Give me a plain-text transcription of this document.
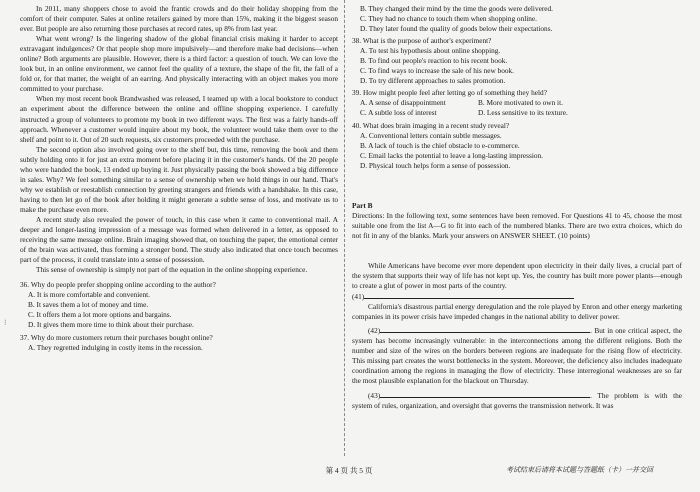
In 2011, many shoppers chose to avoid the frantic crowds and do their holiday shopping from the comfort of their computer. Sales at online retailers gained by more than 15%, making it the biggest season ever. But people are also returning those purchases at record rates, up 8% from last year.

What went wrong? Is the lingering shadow of the global financial crisis making it harder to accept extravagant indulgences? Or that people shop more impulsively—and therefore make bad decisions—when online? Both arguments are plausible. However, there is a third factor: a question of touch. We can love the look but, in an online environment, we cannot feel the quality of a texture, the shape of the fit, the fall of a fold or, for that matter, the weight of an earring. And physically interacting with an object makes you more committed to your purchase.

When my most recent book Brandwashed was released, I teamed up with a local bookstore to conduct an experiment about the difference between the online and offline shopping experience. I carefully instructed a group of volunteers to promote my book in two different ways. The first was a fairly hands-off approach. Whenever a customer would inquire about my book, the volunteer would take them over to the shelf and point to it. Out of 20 such requests, six customers proceeded with the purchase.

The second option also involved going over to the shelf but, this time, removing the book and them subtly holding onto it for just an extra moment before placing it in the customer's hands. Of the 20 people who were handed the book, 13 ended up buying it. Just physically passing the book showed a big difference in sales. Why? We feel something similar to a sense of ownership when we hold things in our hand. That's why we establish or reestablish connection by greeting strangers and friends with a handshake. In this case, having to then let go of the book after holding it might generate a subtle sense of loss, and motivate us to make the purchase even more.

A recent study also revealed the power of touch, in this case when it came to conventional mail. A deeper and longer-lasting impression of a message was formed when delivered in a letter, as opposed to receiving the same message online. Brain imaging showed that, on touching the paper, the emotional center of the brain was activated, thus forming a stronger bond. The study also indicated that once touch becomes part of the process, it could translate into a sense of possession.

This sense of ownership is simply not part of the equation in the online shopping experience.

36. Why do people prefer shopping online according to the author?

A. It is more comfortable and convenient.

B. It saves them a lot of money and time.

C. It offers them a lot more options and bargains.

D. It gives them more time to think about their purchase.

37. Why do more customers return their purchases bought online?

A. They regretted indulging in costly items in the recession.

⁝

B. They changed their mind by the time the goods were delivered.

C. They had no chance to touch them when shopping online.

D. They later found the quality of goods below their expectations.

38. What is the purpose of author's experiment?

A. To test his hypothesis about online shopping.

B. To find out people's reaction to his recent book.

C. To find ways to increase the sale of his new book.

D. To try different approaches to sales promotion.

39. How might people feel after letting go of something they held?

A. A sense of disappointment	B. More motivated to own it.
C. A subtle loss of interest	D. Less sensitive to its texture.

40. What does brain imaging in a recent study reveal?

A. Conventional letters contain subtle messages.

B. A lack of touch is the chief obstacle to e-commerce.

C. Email lacks the potential to leave a long-lasting impression.

D. Physical touch helps form a sense of possession.

Part B

Directions: In the following text, some sentences have been removed. For Questions 41 to 45, choose the most suitable one from the list A—G to fit into each of the numbered blanks. There are two extra choices, which do not fit in any of the blanks. Mark your answers on ANSWER SHEET. (10 points)

While Americans have become ever more dependent upon electricity in their daily lives, a crucial part of the system that supports their way of life has not kept up. Yes, the country has built more power plants—enough to create a glut of power in most parts of the country.

(41)

California's disastrous partial energy deregulation and the role played by Enron and other energy marketing companies in its power crisis have impeded changes in the national ability to deliver power.

(42)	. But in one critical aspect, the system has become increasingly vulnerable: in the interconnections among the different religions. Both the number and size of the wires on the borders between regions are inadequate for the rising flow of electricity. This missing part creates the worst bottlenecks in the system. Moreover, the deficiency also includes inadequate coordination among the regions in managing the flow of electricity. These interregional weaknesses are so far the most plausible explanation for the blackout on Thursday.

(43)	. The problem is with the system of rules, organization, and oversight that governs the transmission network. It was

第 4 页 共 5 页	考试结束后请将本试题与答题纸（卡）一并交回
